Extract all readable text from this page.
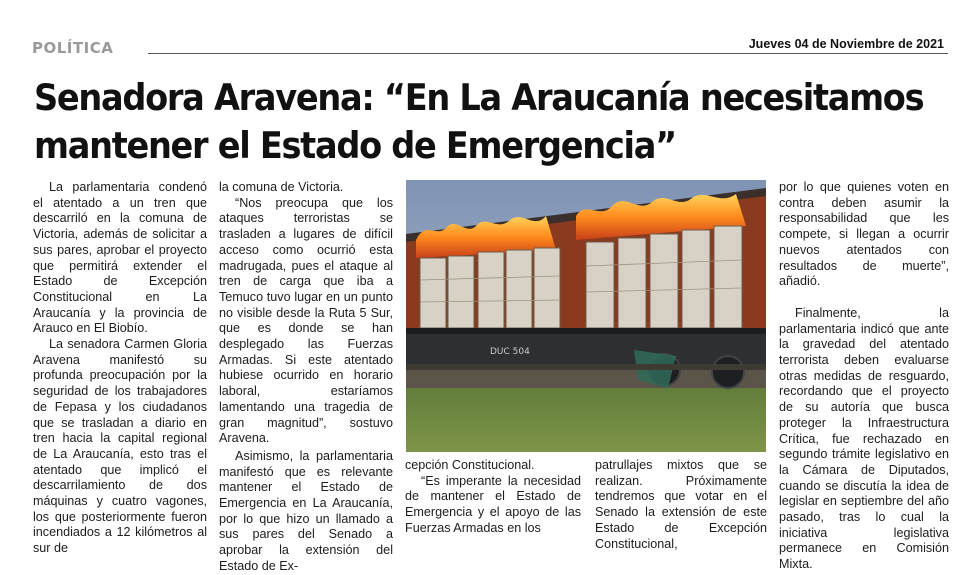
POLÍTICA	Jueves 04 de Noviembre de 2021
Senadora Aravena: “En La Araucanía necesitamos
mantener el Estado de Emergencia”

La parlamentaria condenó el atentado a un tren que descarriló en la comuna de Victoria, además de solicitar a sus pares, aprobar el proyecto que permitirá extender el Estado de Excepción Constitucional en La Araucanía y la provincia de Arauco en El Biobío.

La senadora Carmen Gloria Aravena manifestó su profunda preocupación por la seguridad de los trabajadores de Fepasa y los ciudadanos que se trasladan a diario en tren hacia la capital regional de La Araucanía, esto tras el atentado que implicó el descarrilamiento de dos máquinas y cuatro vagones, los que posteriormente fueron incendiados a 12 kilómetros al sur de

la comuna de Victoria.

“Nos preocupa que los ataques terroristas se trasladen a lugares de difícil acceso como ocurrió esta madrugada, pues el ataque al tren de carga que iba a Temuco tuvo lugar en un punto no visible desde la Ruta 5 Sur, que es donde se han desplegado las Fuerzas Armadas. Si este atentado hubiese ocurrido en horario laboral, estaríamos lamentando una tragedia de gran magnitud”, sostuvo Aravena.

Asimismo, la parlamentaria manifestó que es relevante mantener el Estado de Emergencia en La Araucanía, por lo que hizo un llamado a sus pares del Senado a aprobar la extensión del Estado de Ex-

DUC 504

cepción Constitucional.

“Es imperante la necesidad de mantener el Estado de Emergencia y el apoyo de las Fuerzas Armadas en los

patrullajes mixtos que se realizan. Próximamente tendremos que votar en el Senado la extensión de este Estado de Excepción Constitucional,

por lo que quienes voten en contra deben asumir la responsabilidad que les compete, si llegan a ocurrir nuevos atentados con resultados de muerte”, añadió.

Finalmente, la parlamentaria indicó que ante la gravedad del atentado terrorista deben evaluarse otras medidas de resguardo, recordando que el proyecto de su autoría que busca proteger la Infraestructura Crítica, fue rechazado en segundo trámite legislativo en la Cámara de Diputados, cuando se discutía la idea de legislar en septiembre del año pasado, tras lo cual la iniciativa legislativa permanece en Comisión Mixta.
